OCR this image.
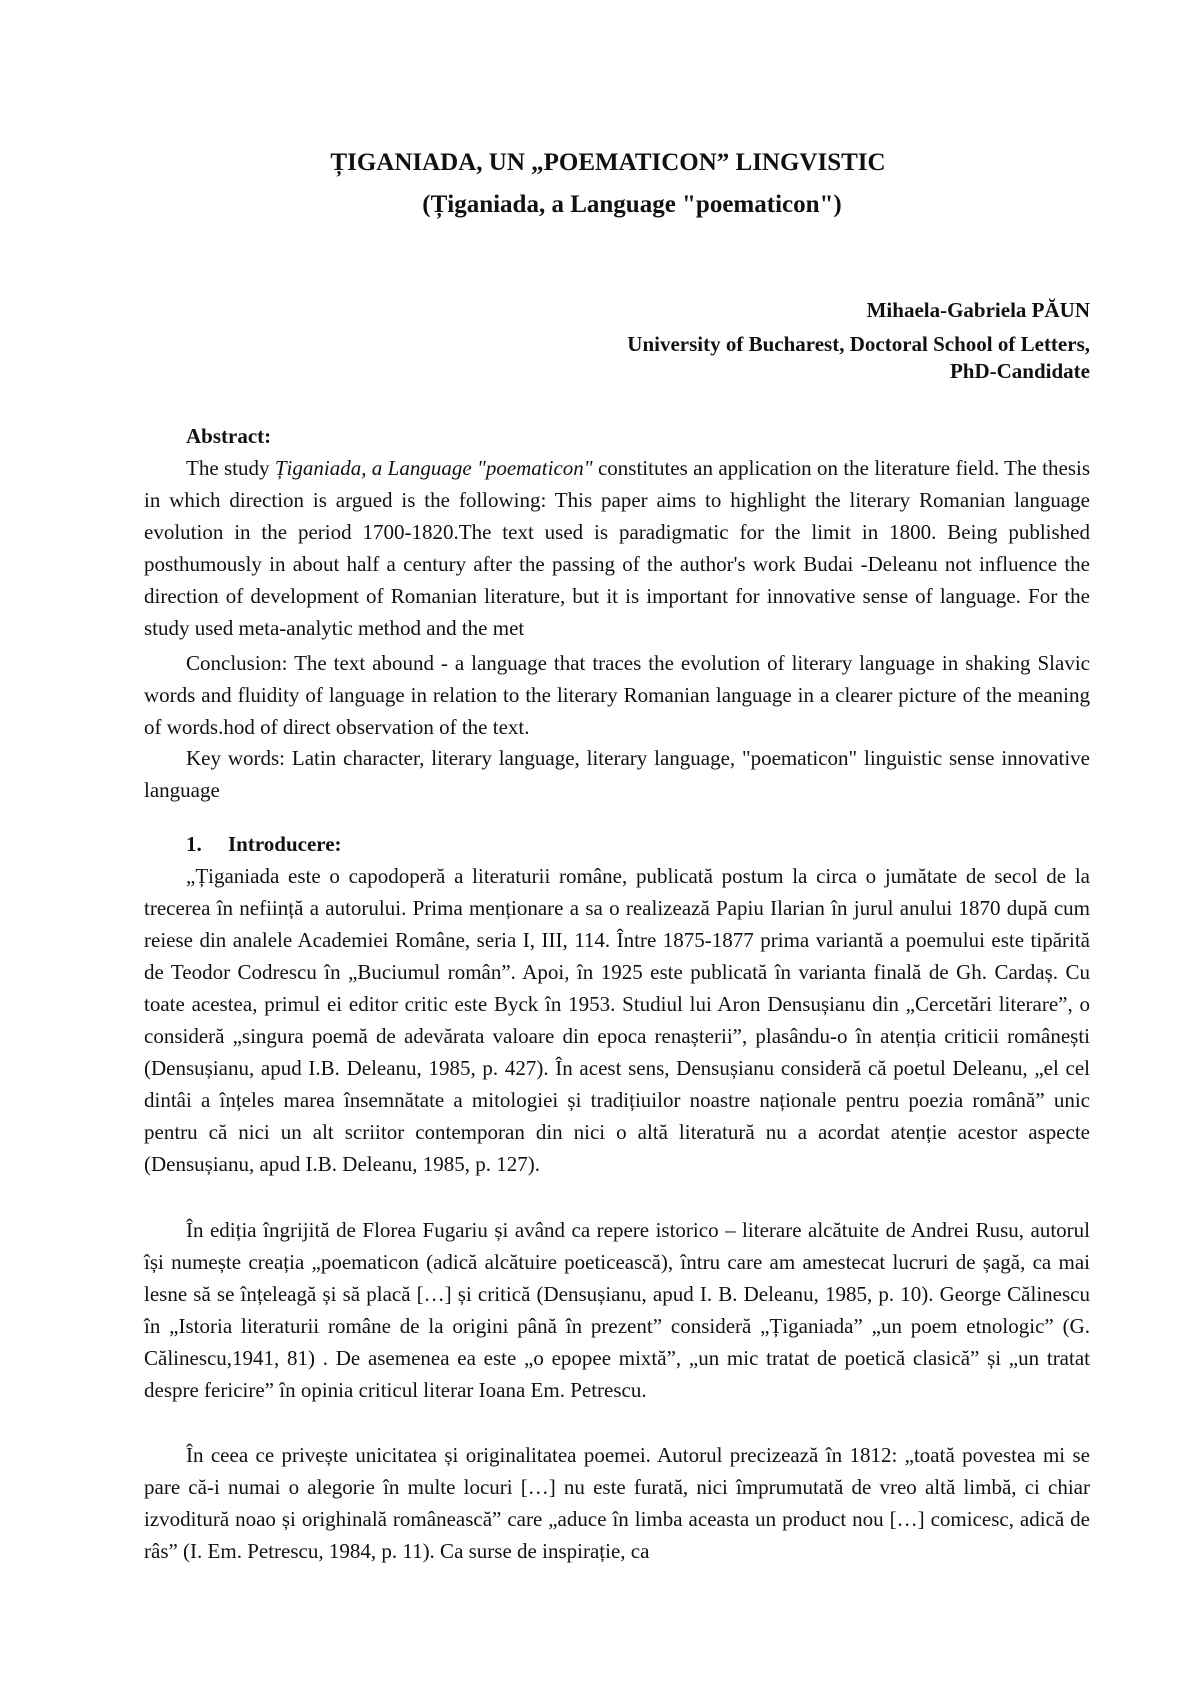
ȚIGANIADA, UN „POEMATICON” LINGVISTIC
(Țiganiada, a Language "poematicon")
Mihaela-Gabriela PĂUN
University of Bucharest, Doctoral School of Letters,
PhD-Candidate
Abstract:

The study Țiganiada, a Language "poematicon" constitutes an application on the literature field. The thesis in which direction is argued is the following: This paper aims to highlight the literary Romanian language evolution in the period 1700-1820.The text used is paradigmatic for the limit in 1800. Being published posthumously in about half a century after the passing of the author's work Budai -Deleanu not influence the direction of development of Romanian literature, but it is important for innovative sense of language. For the study used meta-analytic method and the met

Conclusion: The text abound - a language that traces the evolution of literary language in shaking Slavic words and fluidity of language in relation to the literary Romanian language in a clearer picture of the meaning of words.hod of direct observation of the text.

Key words: Latin character, literary language, literary language, "poematicon" linguistic sense innovative language

1. Introducere:

„Țiganiada este o capodoperă a literaturii române, publicată postum la circa o jumătate de secol de la trecerea în neființă a autorului. Prima menționare a sa o realizează Papiu Ilarian în jurul anului 1870 după cum reiese din analele Academiei Române, seria I, III, 114. Între 1875-1877 prima variantă a poemului este tipărită de Teodor Codrescu în „Buciumul român”. Apoi, în 1925 este publicată în varianta finală de Gh. Cardaș. Cu toate acestea, primul ei editor critic este Byck în 1953. Studiul lui Aron Densușianu din „Cercetări literare”, o consideră „singura poemă de adevărata valoare din epoca renașterii”, plasându-o în atenția criticii românești (Densușianu, apud I.B. Deleanu, 1985, p. 427). În acest sens, Densușianu consideră că poetul Deleanu, „el cel dintâi a înțeles marea însemnătate a mitologiei și tradițiuilor noastre naționale pentru poezia română” unic pentru că nici un alt scriitor contemporan din nici o altă literatură nu a acordat atenție acestor aspecte (Densușianu, apud I.B. Deleanu, 1985, p. 127).

În ediția îngrijită de Florea Fugariu și având ca repere istorico – literare alcătuite de Andrei Rusu, autorul își numește creația „poematicon (adică alcătuire poeticească), întru care am amestecat lucruri de șagă, ca mai lesne să se înțeleagă și să placă […] și critică (Densușianu, apud I. B. Deleanu, 1985, p. 10). George Călinescu în „Istoria literaturii române de la origini până în prezent” consideră „Țiganiada” „un poem etnologic” (G. Călinescu,1941, 81) . De asemenea ea este „o epopee mixtă”, „un mic tratat de poetică clasică” și „un tratat despre fericire” în opinia criticul literar Ioana Em. Petrescu.

În ceea ce privește unicitatea și originalitatea poemei. Autorul precizează în 1812: „toată povestea mi se pare că-i numai o alegorie în multe locuri […] nu este furată, nici împrumutată de vreo altă limbă, ci chiar izvoditură noao și orighinală românească” care „aduce în limba aceasta un product nou […] comicesc, adică de râs” (I. Em. Petrescu, 1984, p. 11). Ca surse de inspirație, ca
